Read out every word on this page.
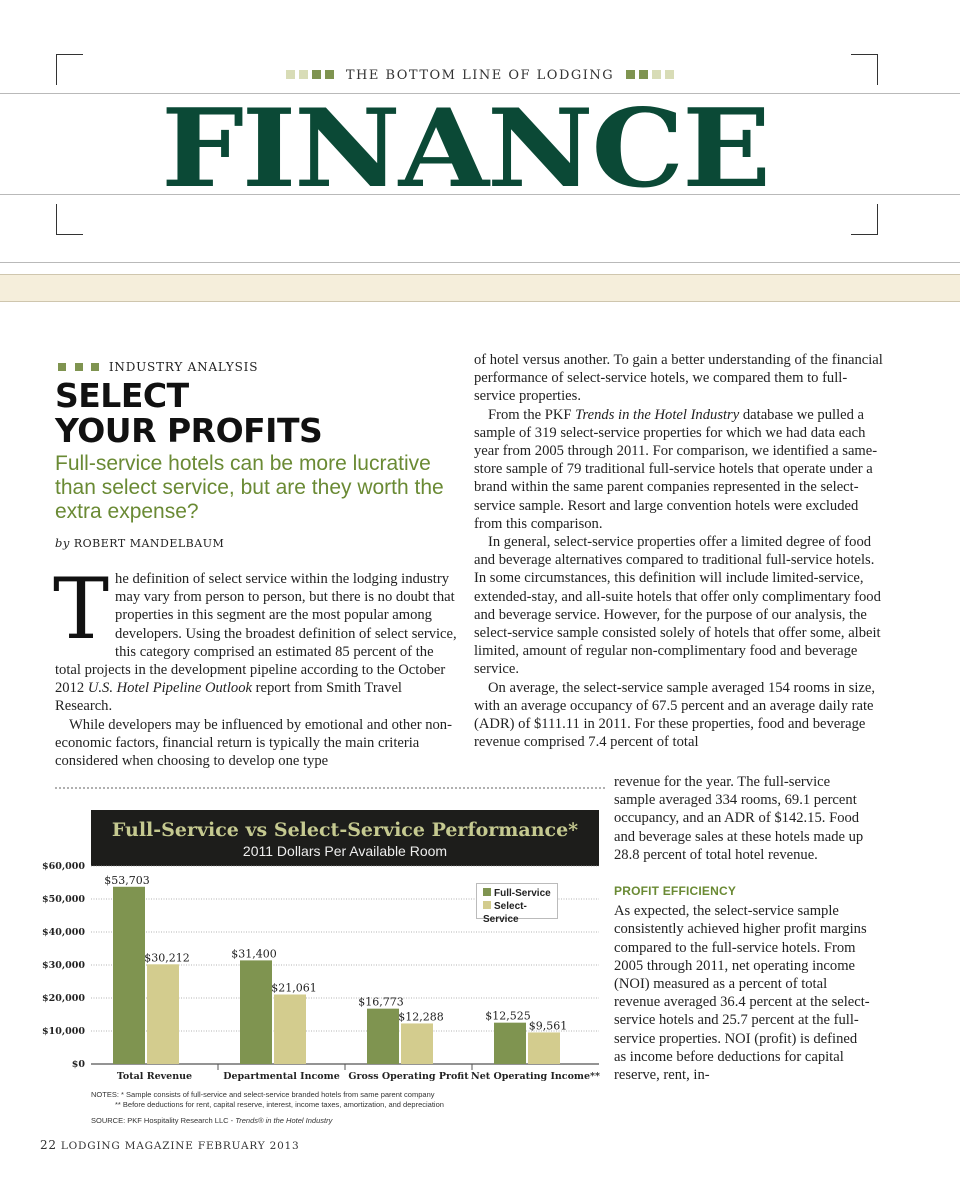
THE BOTTOM LINE OF LODGING
FINANCE
INDUSTRY ANALYSIS
SELECT
YOUR PROFITS
Full-service hotels can be more lucrative than select service, but are they worth the extra expense?
by ROBERT MANDELBAUM

The definition of select service within the lodging industry may vary from person to person, but there is no doubt that properties in this segment are the most popular among developers. Using the broadest definition of select service, this category comprised an estimated 85 percent of the total projects in the development pipeline according to the October 2012 U.S. Hotel Pipeline Outlook report from Smith Travel Research.

While developers may be influenced by emotional and other non-economic factors, financial return is typically the main criteria considered when choosing to develop one type

of hotel versus another. To gain a better understanding of the financial performance of select-service hotels, we compared them to full-service properties.

From the PKF Trends in the Hotel Industry database we pulled a sample of 319 select-service properties for which we had data each year from 2005 through 2011. For comparison, we identified a same-store sample of 79 traditional full-service hotels that operate under a brand within the same parent companies represented in the select-service sample. Resort and large convention hotels were excluded from this comparison.

In general, select-service properties offer a limited degree of food and beverage alternatives compared to traditional full-service hotels. In some circumstances, this definition will include limited-service, extended-stay, and all-suite hotels that offer only complimentary food and beverage service. However, for the purpose of our analysis, the select-service sample consisted solely of hotels that offer some, albeit limited, amount of regular non-complimentary food and beverage service.

On average, the select-service sample averaged 154 rooms in size, with an average occupancy of 67.5 percent and an average daily rate (ADR) of $111.11 in 2011. For these properties, food and beverage revenue comprised 7.4 percent of total

revenue for the year. The full-service sample averaged 334 rooms, 69.1 percent occupancy, and an ADR of $142.15. Food and beverage sales at these hotels made up 28.8 percent of total hotel revenue.

PROFIT EFFICIENCY

As expected, the select-service sample consistently achieved higher profit margins compared to the full-service hotels. From 2005 through 2011, net operating income (NOI) measured as a percent of total revenue averaged 36.4 percent at the select-service hotels and 25.7 percent at the full-service properties. NOI (profit) is defined as income before deductions for capital reserve, rent, in-

Full-Service vs Select-Service Performance*
2011 Dollars Per Available Room
$0
$10,000
$20,000
$30,000
$40,000
$50,000
$60,000
$53,703
$30,212
Total Revenue
$31,400
$21,061
Departmental Income
$16,773
$12,288
Gross Operating Profit
$12,525
$9,561
Net Operating Income**
NOTES: * Sample consists of full-service and select-service branded hotels from same parent company
** Before deductions for rent, capital reserve, interest, income taxes, amortization, and depreciation
SOURCE: PKF Hospitality Research LLC - Trends® in the Hotel Industry
Full-Service
Select-Service
22 LODGING MAGAZINE FEBRUARY 2013
